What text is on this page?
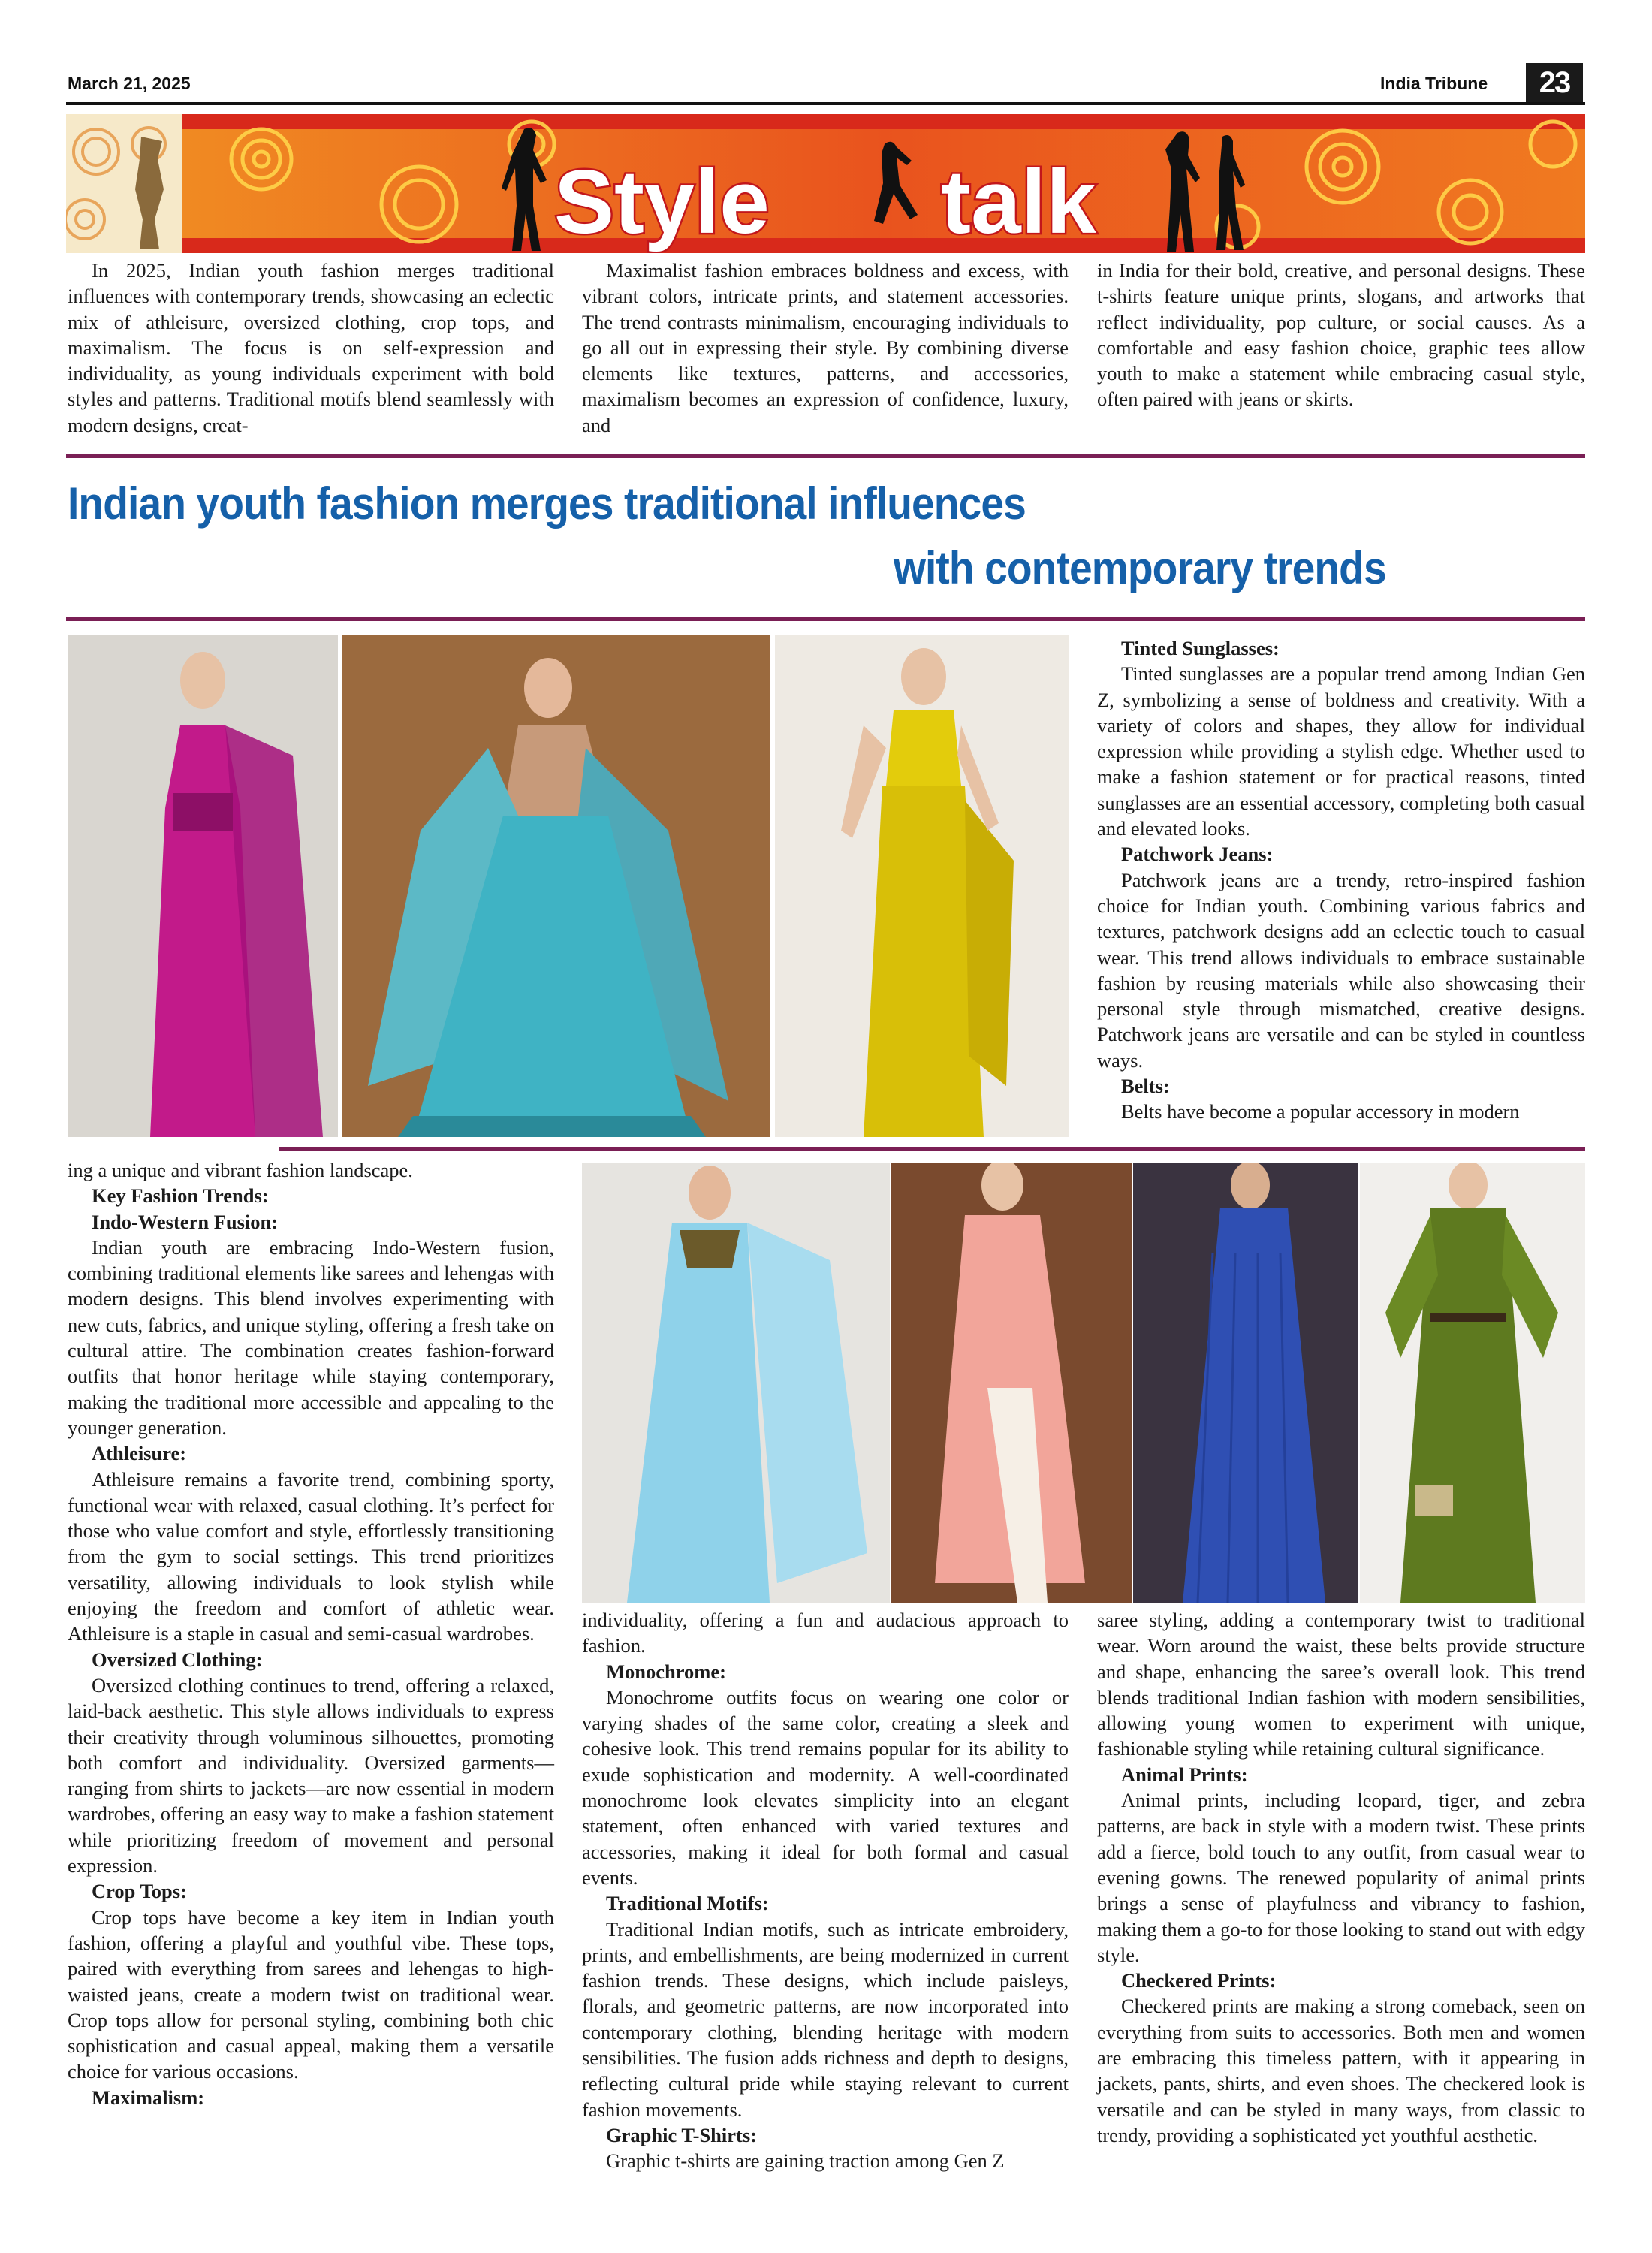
March 21, 2025	India Tribune	23
Style talk

In 2025, Indian youth fashion merges traditional influences with contemporary trends, showcasing an eclectic mix of athleisure, oversized clothing, crop tops, and maximalism. The focus is on self-expression and individuality, as young individuals experiment with bold styles and patterns. Traditional motifs blend seamlessly with modern designs, creat-

Maximalist fashion embraces boldness and excess, with vibrant colors, intricate prints, and statement accessories. The trend contrasts minimalism, encouraging individuals to go all out in expressing their style. By combining diverse elements like textures, patterns, and accessories, maximalism becomes an expression of confidence, luxury, and

in India for their bold, creative, and personal designs. These t-shirts feature unique prints, slogans, and artworks that reflect individuality, pop culture, or social causes. As a comfortable and easy fashion choice, graphic tees allow youth to make a statement while embracing casual style, often paired with jeans or skirts.

Indian youth fashion merges traditional influences
with contemporary trends
Tinted Sunglasses:

Tinted sunglasses are a popular trend among Indian Gen Z, symbolizing a sense of boldness and creativity. With a variety of colors and shapes, they allow for individual expression while providing a stylish edge. Whether used to make a fashion statement or for practical reasons, tinted sunglasses are an essential accessory, completing both casual and elevated looks.

Patchwork Jeans:

Patchwork jeans are a trendy, retro-inspired fashion choice for Indian youth. Combining various fabrics and textures, patchwork designs add an eclectic touch to casual wear. This trend allows individuals to embrace sustainable fashion by reusing materials while also showcasing their personal style through mismatched, creative designs. Patchwork jeans are versatile and can be styled in countless ways.

Belts:

Belts have become a popular accessory in modern

ing a unique and vibrant fashion landscape.

Key Fashion Trends:
Indo-Western Fusion:

Indian youth are embracing Indo-Western fusion, combining traditional elements like sarees and lehengas with modern designs. This blend involves experimenting with new cuts, fabrics, and unique styling, offering a fresh take on cultural attire. The combination creates fashion-forward outfits that honor heritage while staying contemporary, making the traditional more accessible and appealing to the younger generation.

Athleisure:

Athleisure remains a favorite trend, combining sporty, functional wear with relaxed, casual clothing. It’s perfect for those who value comfort and style, effortlessly transitioning from the gym to social settings. This trend prioritizes versatility, allowing individuals to look stylish while enjoying the freedom and comfort of athletic wear. Athleisure is a staple in casual and semi-casual wardrobes.

Oversized Clothing:

Oversized clothing continues to trend, offering a relaxed, laid-back aesthetic. This style allows individuals to express their creativity through voluminous silhouettes, promoting both comfort and individuality. Oversized garments—ranging from shirts to jackets—are now essential in modern wardrobes, offering an easy way to make a fashion statement while prioritizing freedom of movement and personal expression.

Crop Tops:

Crop tops have become a key item in Indian youth fashion, offering a playful and youthful vibe. These tops, paired with everything from sarees and lehengas to high-waisted jeans, create a modern twist on traditional wear. Crop tops allow for personal styling, combining both chic sophistication and casual appeal, making them a versatile choice for various occasions.

Maximalism:

individuality, offering a fun and audacious approach to fashion.

Monochrome:

Monochrome outfits focus on wearing one color or varying shades of the same color, creating a sleek and cohesive look. This trend remains popular for its ability to exude sophistication and modernity. A well-coordinated monochrome look elevates simplicity into an elegant statement, often enhanced with varied textures and accessories, making it ideal for both formal and casual events.

Traditional Motifs:

Traditional Indian motifs, such as intricate embroidery, prints, and embellishments, are being modernized in current fashion trends. These designs, which include paisleys, florals, and geometric patterns, are now incorporated into contemporary clothing, blending heritage with modern sensibilities. The fusion adds richness and depth to designs, reflecting cultural pride while staying relevant to current fashion movements.

Graphic T-Shirts:

Graphic t-shirts are gaining traction among Gen Z

saree styling, adding a contemporary twist to traditional wear. Worn around the waist, these belts provide structure and shape, enhancing the saree’s overall look. This trend blends traditional Indian fashion with modern sensibilities, allowing young women to experiment with unique, fashionable styling while retaining cultural significance.

Animal Prints:

Animal prints, including leopard, tiger, and zebra patterns, are back in style with a modern twist. These prints add a fierce, bold touch to any outfit, from casual wear to evening gowns. The renewed popularity of animal prints brings a sense of playfulness and vibrancy to fashion, making them a go-to for those looking to stand out with edgy style.

Checkered Prints:

Checkered prints are making a strong comeback, seen on everything from suits to accessories. Both men and women are embracing this timeless pattern, with it appearing in jackets, pants, shirts, and even shoes. The checkered look is versatile and can be styled in many ways, from classic to trendy, providing a sophisticated yet youthful aesthetic.
